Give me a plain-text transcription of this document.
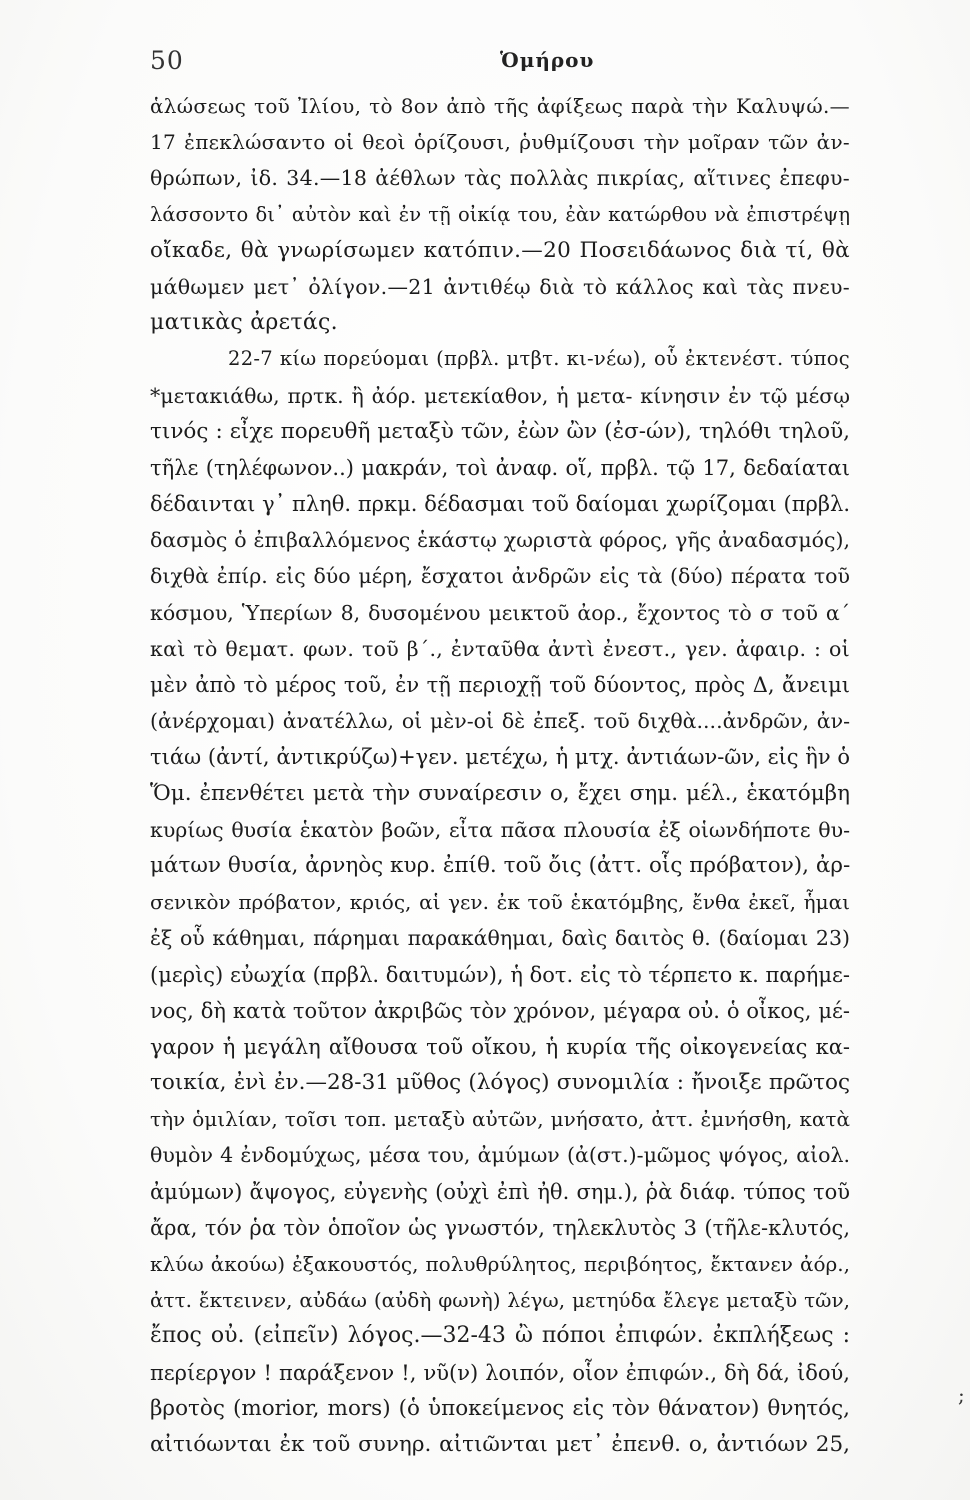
50	Ὁμήρου
ἁλώσεως τοῦ Ἰλίου, τὸ 8ον ἀπὸ τῆς ἀφίξεως παρὰ τὴν Καλυψώ.—
17 ἐπεκλώσαντο οἱ θεοὶ ὁρίζουσι, ῥυθμίζουσι τὴν μοῖραν τῶν ἀν-
θρώπων, ἰδ. 34.—18 ἀέθλων τὰς πολλὰς πικρίας, αἵτινες ἐπεφυ-
λάσσοντο δι᾽ αὐτὸν καὶ ἐν τῇ οἰκίᾳ του, ἐὰν κατώρθου νὰ ἐπιστρέψῃ
οἴκαδε, θὰ γνωρίσωμεν κατόπιν.—20 Ποσειδάωνος διὰ τί, θὰ
μάθωμεν μετ᾽ ὀλίγον.—21 ἀντιθέῳ διὰ τὸ κάλλος καὶ τὰς πνευ-
ματικὰς ἀρετάς.
22-7 κίω πορεύομαι (πρβλ. μτβτ. κι-νέω), οὗ ἐκτενέστ. τύπος
*μετακιάθω, πρτκ. ἢ ἀόρ. μετεκίαθον, ἡ μετα- κίνησιν ἐν τῷ μέσῳ
τινός : εἶχε πορευθῆ μεταξὺ τῶν, ἐὼν ὢν (ἐσ-ών), τηλόθι τηλοῦ,
τῆλε (τηλέφωνον..) μακράν, τοὶ ἀναφ. οἵ, πρβλ. τῷ 17, δεδαίαται
δέδαινται γ᾽ πληθ. πρκμ. δέδασμαι τοῦ δαίομαι χωρίζομαι (πρβλ.
δασμὸς ὁ ἐπιβαλλόμενος ἑκάστῳ χωριστὰ φόρος, γῆς ἀναδασμός),
διχθὰ ἐπίρ. εἰς δύο μέρη, ἔσχατοι ἀνδρῶν εἰς τὰ (δύο) πέρατα τοῦ
κόσμου, Ὑπερίων 8, δυσομένου μεικτοῦ ἀορ., ἔχοντος τὸ σ τοῦ α΄
καὶ τὸ θεματ. φων. τοῦ β΄., ἐνταῦθα ἀντὶ ἐνεστ., γεν. ἀφαιρ. : οἱ
μὲν ἀπὸ τὸ μέρος τοῦ, ἐν τῇ περιοχῇ τοῦ δύοντος, πρὸς Δ, ἄνειμι
(ἀνέρχομαι) ἀνατέλλω, οἱ μὲν-οἱ δὲ ἐπεξ. τοῦ διχθὰ....ἀνδρῶν, ἀν-
τιάω (ἀντί, ἀντικρύζω)+γεν. μετέχω, ἡ μτχ. ἀντιάων-ῶν, εἰς ἣν ὁ
Ὅμ. ἐπενθέτει μετὰ τὴν συναίρεσιν ο, ἔχει σημ. μέλ., ἑκατόμβη
κυρίως θυσία ἑκατὸν βοῶν, εἶτα πᾶσα πλουσία ἐξ οἱωνδήποτε θυ-
μάτων θυσία, ἀρνηὸς κυρ. ἐπίθ. τοῦ ὄις (ἀττ. οἷς πρόβατον), ἀρ-
σενικὸν πρόβατον, κριός, αἱ γεν. ἐκ τοῦ ἑκατόμβης, ἔνθα ἐκεῖ, ἧμαι
ἐξ οὗ κάθημαι, πάρημαι παρακάθημαι, δαὶς δαιτὸς θ. (δαίομαι 23)
(μερὶς) εὐωχία (πρβλ. δαιτυμών), ἡ δοτ. εἰς τὸ τέρπετο κ. παρήμε-
νος, δὴ κατὰ τοῦτον ἀκριβῶς τὸν χρόνον, μέγαρα οὐ. ὁ οἶκος, μέ-
γαρον ἡ μεγάλη αἴθουσα τοῦ οἴκου, ἡ κυρία τῆς οἰκογενείας κα-
τοικία, ἐνὶ ἐν.—28-31 μῦθος (λόγος) συνομιλία : ἤνοιξε πρῶτος
τὴν ὁμιλίαν, τοῖσι τοπ. μεταξὺ αὐτῶν, μνήσατο, ἀττ. ἐμνήσθη, κατὰ
θυμὸν 4 ἐνδομύχως, μέσα του, ἀμύμων (ἀ(στ.)-μῶμος ψόγος, αἰολ.
ἀμύμων) ἄψογος, εὐγενὴς (οὐχὶ ἐπὶ ἠθ. σημ.), ῥὰ διάφ. τύπος τοῦ
ἄρα, τόν ῥα τὸν ὁποῖον ὡς γνωστόν, τηλεκλυτὸς 3 (τῆλε-κλυτός,
κλύω ἀκούω) ἐξακουστός, πολυθρύλητος, περιβόητος, ἔκτανεν ἀόρ.,
ἀττ. ἔκτεινεν, αὐδάω (αὐδὴ φωνὴ) λέγω, μετηύδα ἔλεγε μεταξὺ τῶν,
ἔπος οὐ. (εἰπεῖν) λόγος.—32-43 ὢ πόποι ἐπιφών. ἐκπλήξεως :
περίεργον ! παράξενον !, νῦ(ν) λοιπόν, οἷον ἐπιφών., δὴ δά, ἰδού,
βροτὸς (morior, mors) (ὁ ὑποκείμενος εἰς τὸν θάνατον) θνητός,
αἰτιόωνται ἐκ τοῦ συνηρ. αἰτιῶνται μετ᾽ ἐπενθ. ο, ἀντιόων 25,
;
